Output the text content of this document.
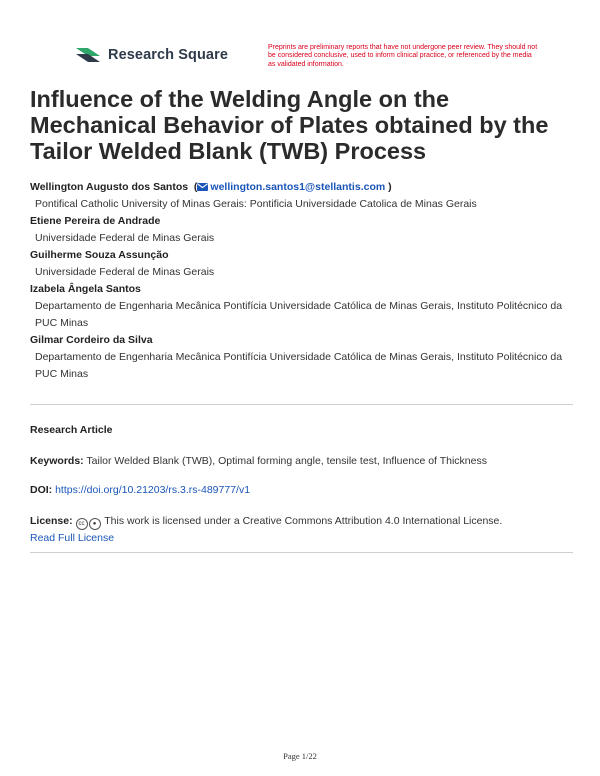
Research Square	Preprints are preliminary reports that have not undergone peer review. They should not be considered conclusive, used to inform clinical practice, or referenced by the media as validated information.
Influence of the Welding Angle on the Mechanical Behavior of Plates obtained by the Tailor Welded Blank (TWB) Process
Wellington Augusto dos Santos  ( wellington.santos1@stellantis.com )
Pontifical Catholic University of Minas Gerais: Pontificia Universidade Catolica de Minas Gerais
Etiene Pereira de Andrade
Universidade Federal de Minas Gerais
Guilherme Souza Assunção
Universidade Federal de Minas Gerais
Izabela Ângela Santos
Departamento de Engenharia Mecânica Pontifícia Universidade Católica de Minas Gerais, Instituto Politécnico da PUC Minas
Gilmar Cordeiro da Silva
Departamento de Engenharia Mecânica Pontifícia Universidade Católica de Minas Gerais, Instituto Politécnico da PUC Minas
Research Article
Keywords: Tailor Welded Blank (TWB), Optimal forming angle, tensile test, Influence of Thickness
DOI: https://doi.org/10.21203/rs.3.rs-489777/v1
License: cc ● This work is licensed under a Creative Commons Attribution 4.0 International License.
Read Full License
Page 1/22
